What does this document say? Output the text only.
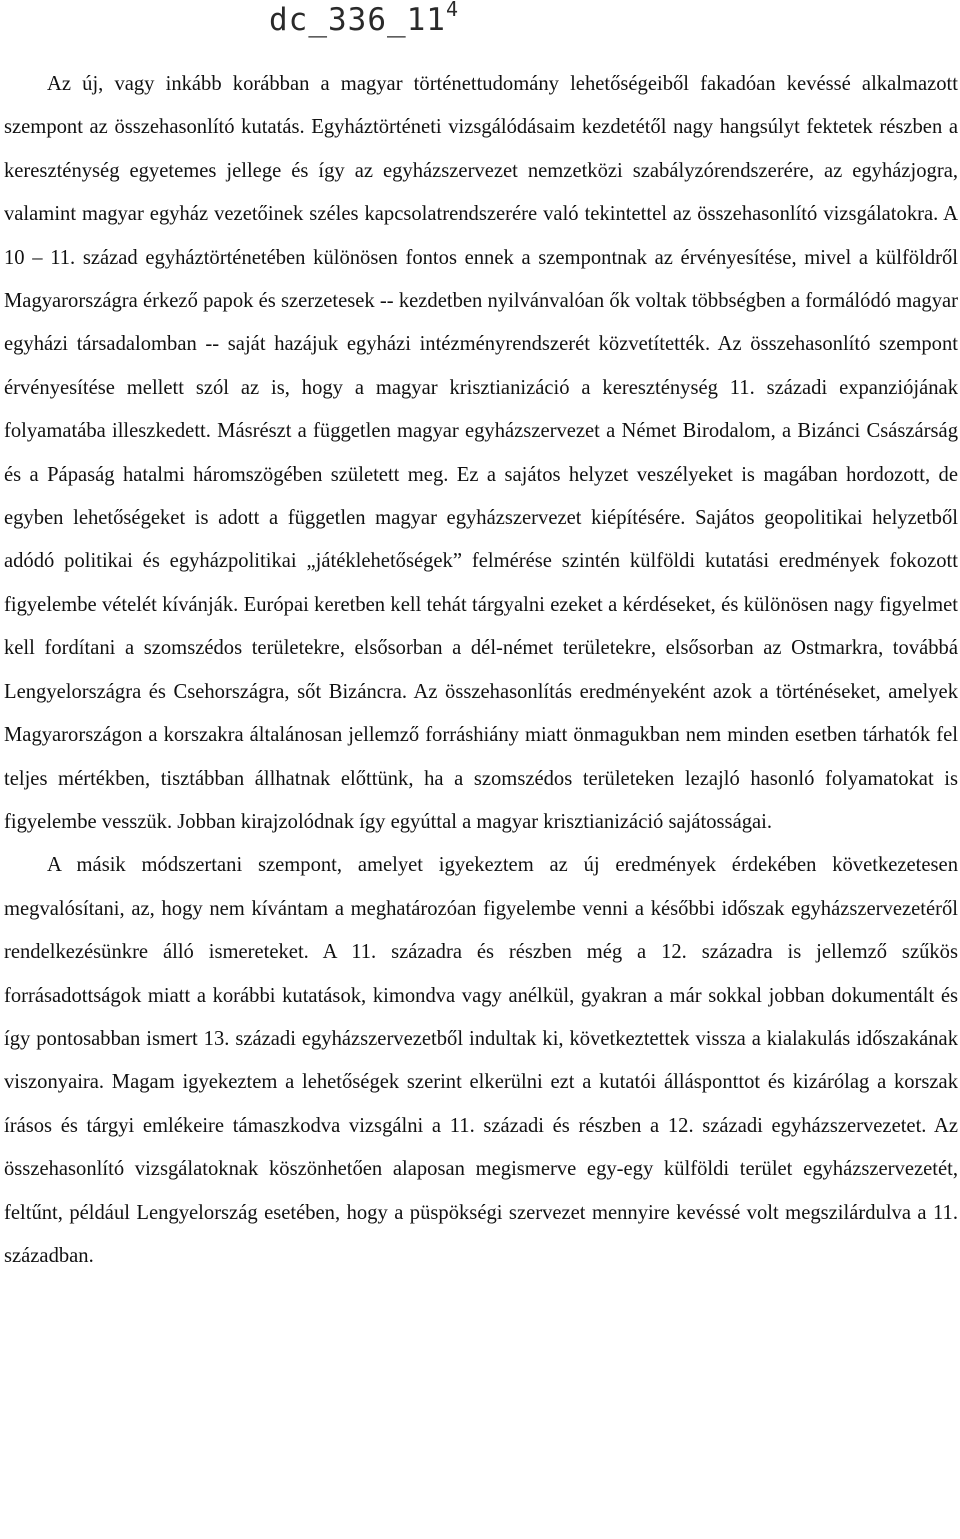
$dc\_336\_11^4$

Az új, vagy inkább korábban a magyar történettudomány lehetőségeiből fakadóan kevéssé alkalmazott szempont az összehasonlító kutatás. Egyháztörténeti vizsgálódásaim kezdetétől nagy hangsúlyt fektetek részben a kereszténység egyetemes jellege és így az egyházszervezet nemzetközi szabályzórendszerére, az egyházjogra, valamint magyar egyház vezetőinek széles kapcsolatrendszerére való tekintettel az összehasonlító vizsgálatokra. A 10 – 11. század egyháztörténetében különösen fontos ennek a szempontnak az érvényesítése, mivel a külföldről Magyarországra érkező papok és szerzetesek -- kezdetben nyilvánvalóan ők voltak többségben a formálódó magyar egyházi társadalomban -- saját hazájuk egyházi intézményrendszerét közvetítették. Az összehasonlító szempont érvényesítése mellett szól az is, hogy a magyar krisztianizáció a kereszténység 11. századi expanziójának folyamatába illeszkedett. Másrészt a független magyar egyházszervezet a Német Birodalom, a Bizánci Császárság és a Pápaság hatalmi háromszögében született meg. Ez a sajátos helyzet veszélyeket is magában hordozott, de egyben lehetőségeket is adott a független magyar egyházszervezet kiépítésére. Sajátos geopolitikai helyzetből adódó politikai és egyházpolitikai „játéklehetőségek” felmérése szintén külföldi kutatási eredmények fokozott figyelembe vételét kívánják. Európai keretben kell tehát tárgyalni ezeket a kérdéseket, és különösen nagy figyelmet kell fordítani a szomszédos területekre, elsősorban a dél-német területekre, elsősorban az Ostmarkra, továbbá Lengyelországra és Csehországra, sőt Bizáncra. Az összehasonlítás eredményeként azok a történéseket, amelyek Magyarországon a korszakra általánosan jellemző forráshiány miatt önmagukban nem minden esetben tárhatók fel teljes mértékben, tisztábban állhatnak előttünk, ha a szomszédos területeken lezajló hasonló folyamatokat is figyelembe vesszük. Jobban kirajzolódnak így egyúttal a magyar krisztianizáció sajátosságai.

A másik módszertani szempont, amelyet igyekeztem az új eredmények érdekében következetesen megvalósítani, az, hogy nem kívántam a meghatározóan figyelembe venni a későbbi időszak egyházszervezetéről rendelkezésünkre álló ismereteket. A 11. századra és részben még a 12. századra is jellemző szűkös forrásadottságok miatt a korábbi kutatások, kimondva vagy anélkül, gyakran a már sokkal jobban dokumentált és így pontosabban ismert 13. századi egyházszervezetből indultak ki, következtettek vissza a kialakulás időszakának viszonyaira. Magam igyekeztem a lehetőségek szerint elkerülni ezt a kutatói állásponttot és kizárólag a korszak írásos és tárgyi emlékeire támaszkodva vizsgálni a 11. századi és részben a 12. századi egyházszervezetet. Az összehasonlító vizsgálatoknak köszönhetően alaposan megismerve egy-egy külföldi terület egyházszervezetét, feltűnt, például Lengyelország esetében, hogy a püspökségi szervezet mennyire kevéssé volt megszilárdulva a 11. században.
